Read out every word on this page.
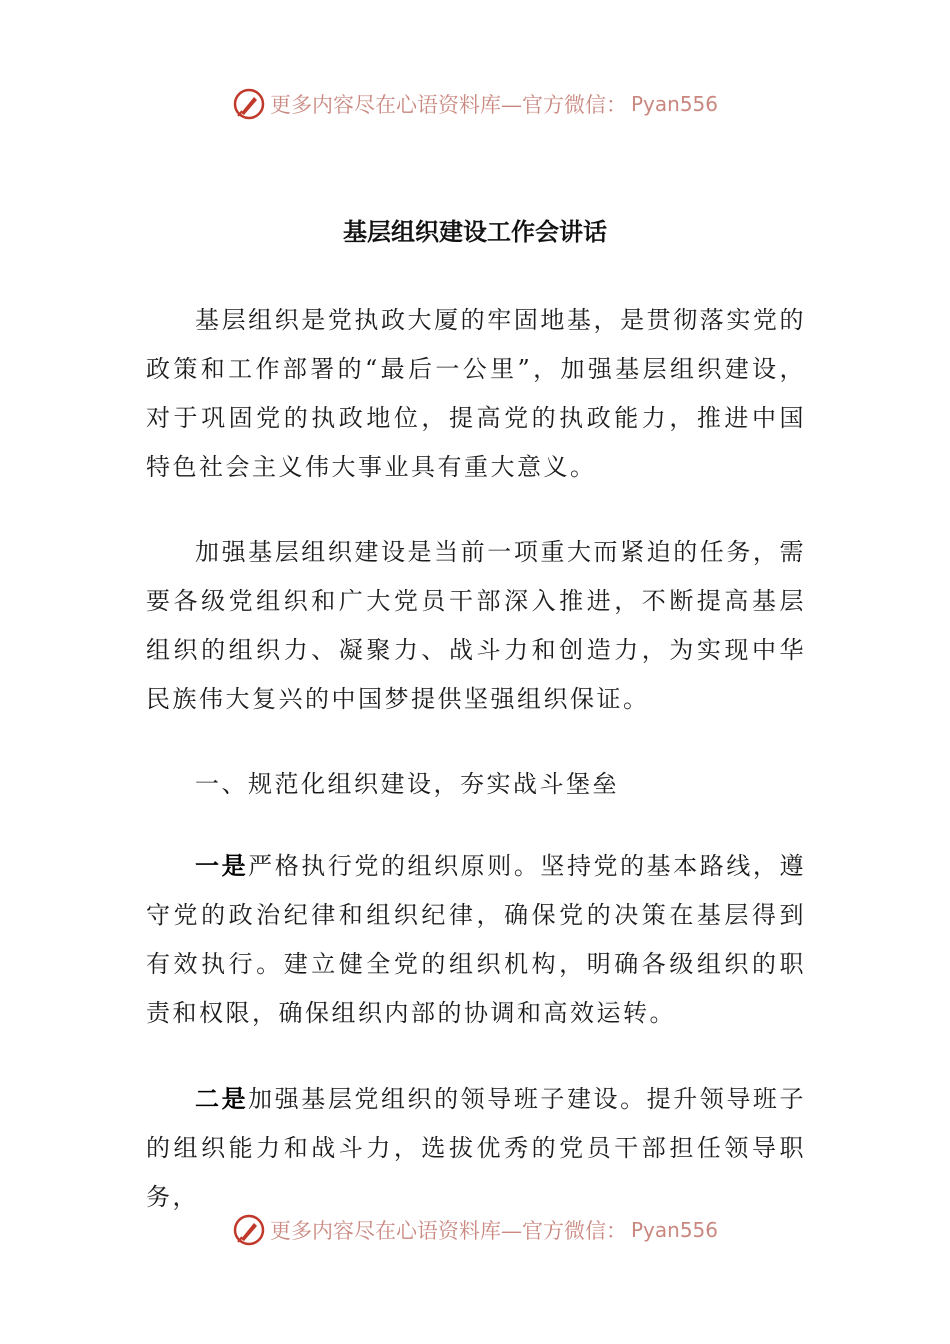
更多内容尽在心语资料库—官方微信： Pyan556
基层组织建设工作会讲话

基层组织是党执政大厦的牢固地基，是贯彻落实党的政策和工作部署的“最后一公里”，加强基层组织建设，对于巩固党的执政地位，提高党的执政能力，推进中国特色社会主义伟大事业具有重大意义。

加强基层组织建设是当前一项重大而紧迫的任务，需要各级党组织和广大党员干部深入推进，不断提高基层组织的组织力、凝聚力、战斗力和创造力，为实现中华民族伟大复兴的中国梦提供坚强组织保证。

一、规范化组织建设，夯实战斗堡垒

一是严格执行党的组织原则。坚持党的基本路线，遵守党的政治纪律和组织纪律，确保党的决策在基层得到有效执行。建立健全党的组织机构，明确各级组织的职责和权限，确保组织内部的协调和高效运转。

二是加强基层党组织的领导班子建设。提升领导班子的组织能力和战斗力，选拔优秀的党员干部担任领导职务，

更多内容尽在心语资料库—官方微信： Pyan556
